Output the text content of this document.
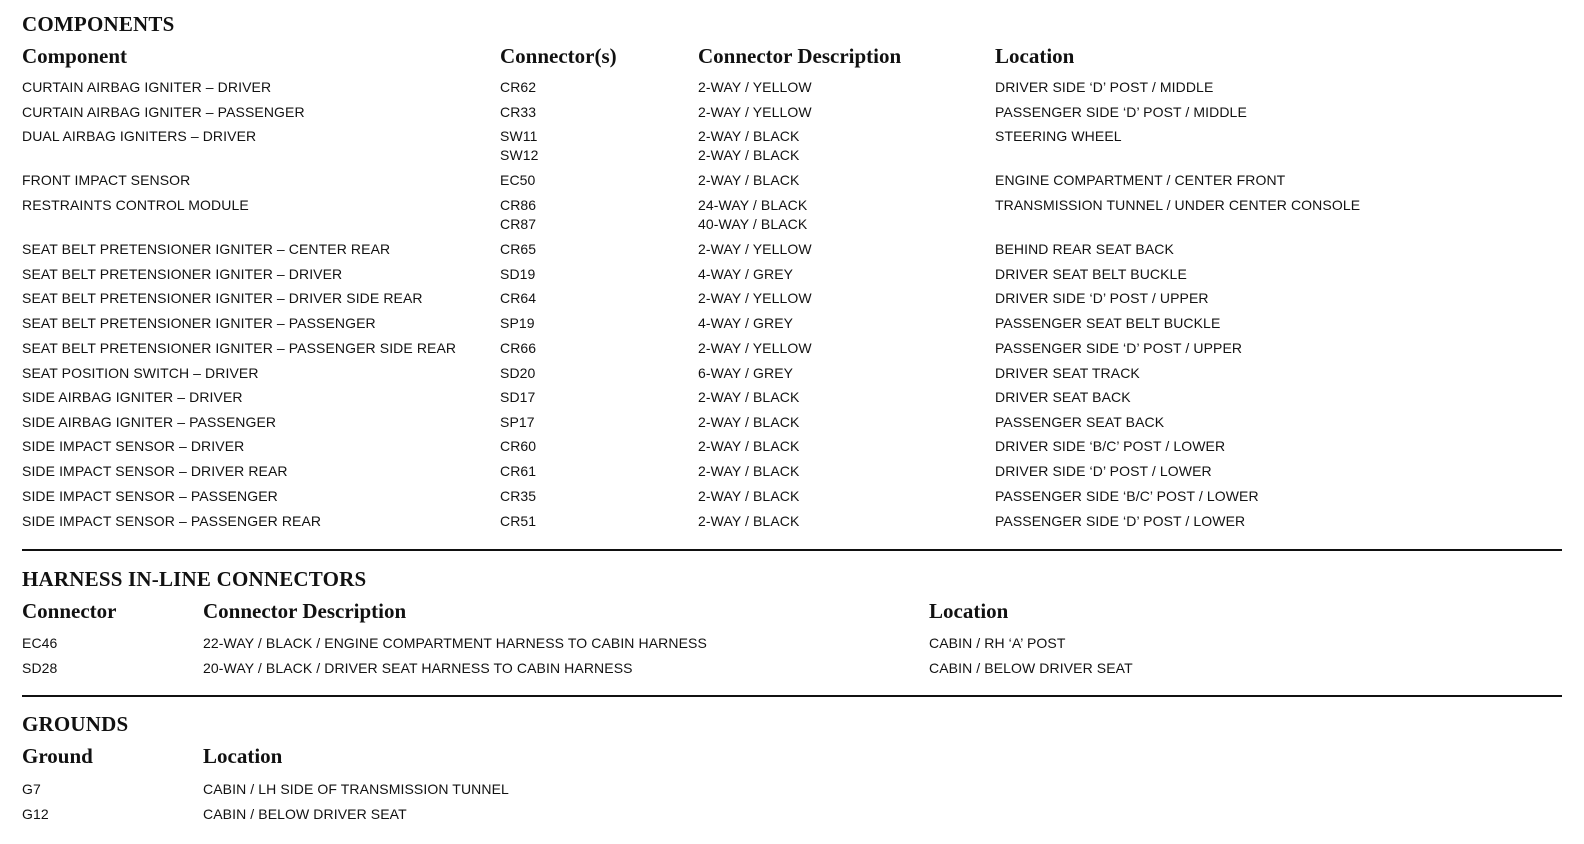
COMPONENTS
Component	Connector(s)	Connector Description	Location
CURTAIN AIRBAG IGNITER – DRIVER	CR62	2-WAY / YELLOW	DRIVER SIDE ‘D’ POST / MIDDLE
CURTAIN AIRBAG IGNITER – PASSENGER	CR33	2-WAY / YELLOW	PASSENGER SIDE ‘D’ POST / MIDDLE
DUAL AIRBAG IGNITERS – DRIVER	SW11	2-WAY / BLACK	STEERING WHEEL
SW12	2-WAY / BLACK
FRONT IMPACT SENSOR	EC50	2-WAY / BLACK	ENGINE COMPARTMENT / CENTER FRONT
RESTRAINTS CONTROL MODULE	CR86	24-WAY / BLACK	TRANSMISSION TUNNEL / UNDER CENTER CONSOLE
CR87	40-WAY / BLACK
SEAT BELT PRETENSIONER IGNITER – CENTER REAR	CR65	2-WAY / YELLOW	BEHIND REAR SEAT BACK
SEAT BELT PRETENSIONER IGNITER – DRIVER	SD19	4-WAY / GREY	DRIVER SEAT BELT BUCKLE
SEAT BELT PRETENSIONER IGNITER – DRIVER SIDE REAR	CR64	2-WAY / YELLOW	DRIVER SIDE ‘D’ POST / UPPER
SEAT BELT PRETENSIONER IGNITER – PASSENGER	SP19	4-WAY / GREY	PASSENGER SEAT BELT BUCKLE
SEAT BELT PRETENSIONER IGNITER – PASSENGER SIDE REAR	CR66	2-WAY / YELLOW	PASSENGER SIDE ‘D’ POST / UPPER
SEAT POSITION SWITCH – DRIVER	SD20	6-WAY / GREY	DRIVER SEAT TRACK
SIDE AIRBAG IGNITER – DRIVER	SD17	2-WAY / BLACK	DRIVER SEAT BACK
SIDE AIRBAG IGNITER – PASSENGER	SP17	2-WAY / BLACK	PASSENGER SEAT BACK
SIDE IMPACT SENSOR – DRIVER	CR60	2-WAY / BLACK	DRIVER SIDE ‘B/C’ POST / LOWER
SIDE IMPACT SENSOR – DRIVER REAR	CR61	2-WAY / BLACK	DRIVER SIDE ‘D’ POST / LOWER
SIDE IMPACT SENSOR – PASSENGER	CR35	2-WAY / BLACK	PASSENGER SIDE ‘B/C’ POST / LOWER
SIDE IMPACT SENSOR – PASSENGER REAR	CR51	2-WAY / BLACK	PASSENGER SIDE ‘D’ POST / LOWER
HARNESS IN-LINE CONNECTORS
Connector	Connector Description	Location
EC46	22-WAY / BLACK / ENGINE COMPARTMENT HARNESS TO CABIN HARNESS	CABIN / RH ‘A’ POST
SD28	20-WAY / BLACK / DRIVER SEAT HARNESS TO CABIN HARNESS	CABIN / BELOW DRIVER SEAT
GROUNDS
Ground	Location
G7	CABIN / LH SIDE OF TRANSMISSION TUNNEL
G12	CABIN / BELOW DRIVER SEAT
